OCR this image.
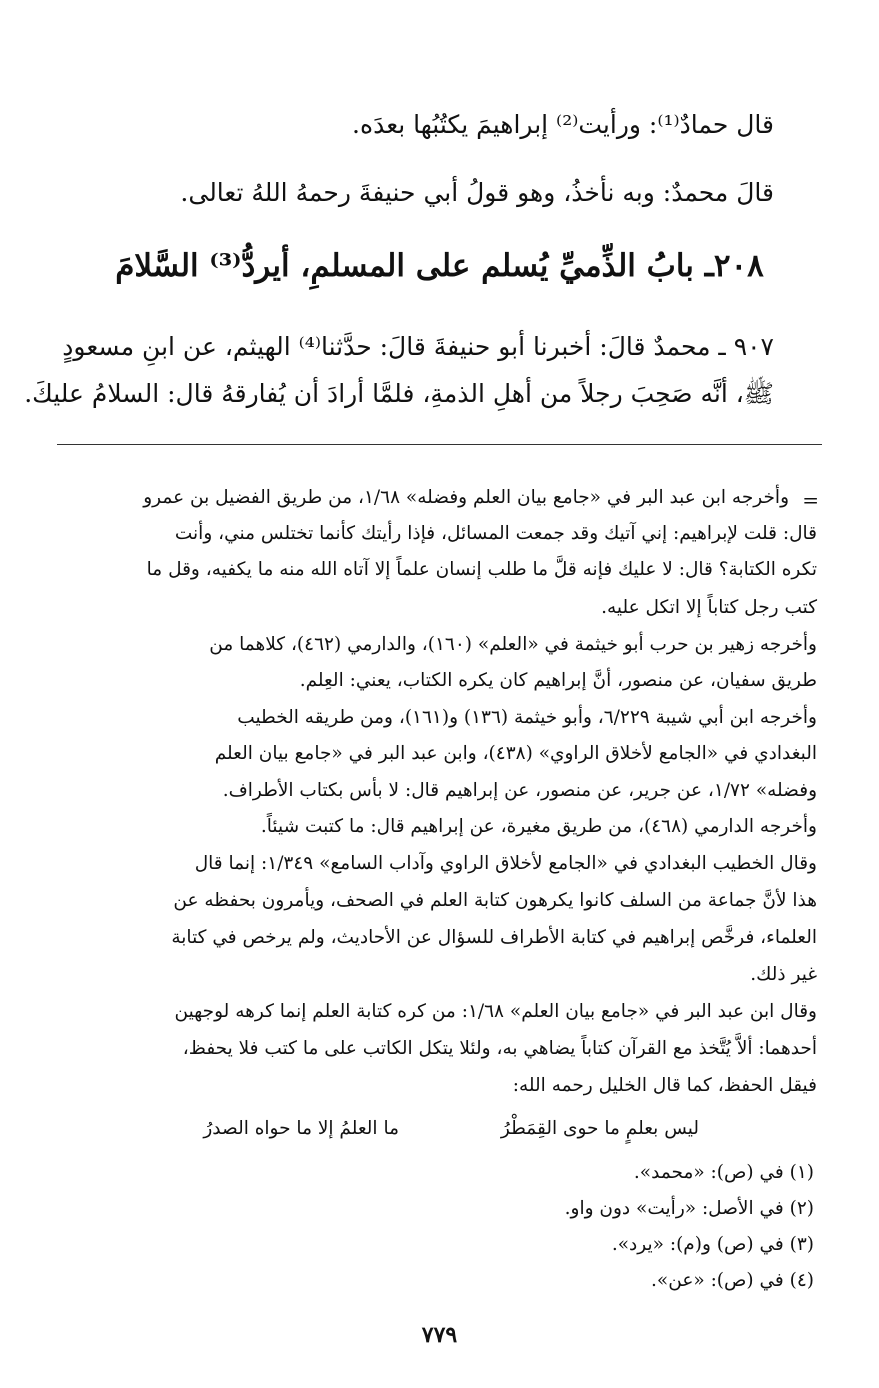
قال حمادٌ⁽¹⁾: ورأيت⁽²⁾ إبراهيمَ يكتُبُها بعدَه.
قالَ محمدٌ: وبه نأخذُ، وهو قولُ أبي حنيفةَ رحمهُ اللهُ تعالى.
٢٠٨ـ بابُ الذِّميِّ يُسلم على المسلمِ، أيردُّ⁽³⁾ السَّلامَ
٩٠٧ ـ محمدٌ قالَ: أخبرنا أبو حنيفةَ قالَ: حدَّثنا⁽⁴⁾ الهيثم، عن ابنِ مسعودٍ
ﷺ، أنَّه صَحِبَ رجلاً من أهلِ الذمةِ، فلمَّا أرادَ أن يُفارقهُ قال: السلامُ عليكَ.
=
وأخرجه ابن عبد البر في «جامع بيان العلم وفضله» ١/٦٨، من طريق الفضيل بن عمرو
قال: قلت لإبراهيم: إني آتيك وقد جمعت المسائل، فإذا رأيتك كأنما تختلس مني، وأنت
تكره الكتابة؟ قال: لا عليك فإنه قلَّ ما طلب إنسان علماً إلا آتاه الله منه ما يكفيه، وقل ما
كتب رجل كتاباً إلا اتكل عليه.
وأخرجه زهير بن حرب أبو خيثمة في «العلم» (١٦٠)، والدارمي (٤٦٢)، كلاهما من
طريق سفيان، عن منصور، أنَّ إبراهيم كان يكره الكتاب، يعني: العِلم.
وأخرجه ابن أبي شيبة ٦/٢٢٩، وأبو خيثمة (١٣٦) و(١٦١)، ومن طريقه الخطيب
البغدادي في «الجامع لأخلاق الراوي» (٤٣٨)، وابن عبد البر في «جامع بيان العلم
وفضله» ١/٧٢، عن جرير، عن منصور، عن إبراهيم قال: لا بأس بكتاب الأطراف.
وأخرجه الدارمي (٤٦٨)، من طريق مغيرة، عن إبراهيم قال: ما كتبت شيئاً.
وقال الخطيب البغدادي في «الجامع لأخلاق الراوي وآداب السامع» ١/٣٤٩: إنما قال
هذا لأنَّ جماعة من السلف كانوا يكرهون كتابة العلم في الصحف، ويأمرون بحفظه عن
العلماء، فرخَّص إبراهيم في كتابة الأطراف للسؤال عن الأحاديث، ولم يرخص في كتابة
غير ذلك.
وقال ابن عبد البر في «جامع بيان العلم» ١/٦٨: من كره كتابة العلم إنما كرهه لوجهين
أحدهما: ألاَّ يُتَّخذ مع القرآن كتاباً يضاهي به، ولئلا يتكل الكاتب على ما كتب فلا يحفظ،
فيقل الحفظ، كما قال الخليل رحمه الله:
ليس بعلمٍ ما حوى القِمَطْرُ
ما العلمُ إلا ما حواه الصدرُ
(١) في (ص): «محمد».
(٢) في الأصل: «رأيت» دون واو.
(٣) في (ص) و(م): «يرد».
(٤) في (ص): «عن».
٧٧٩
